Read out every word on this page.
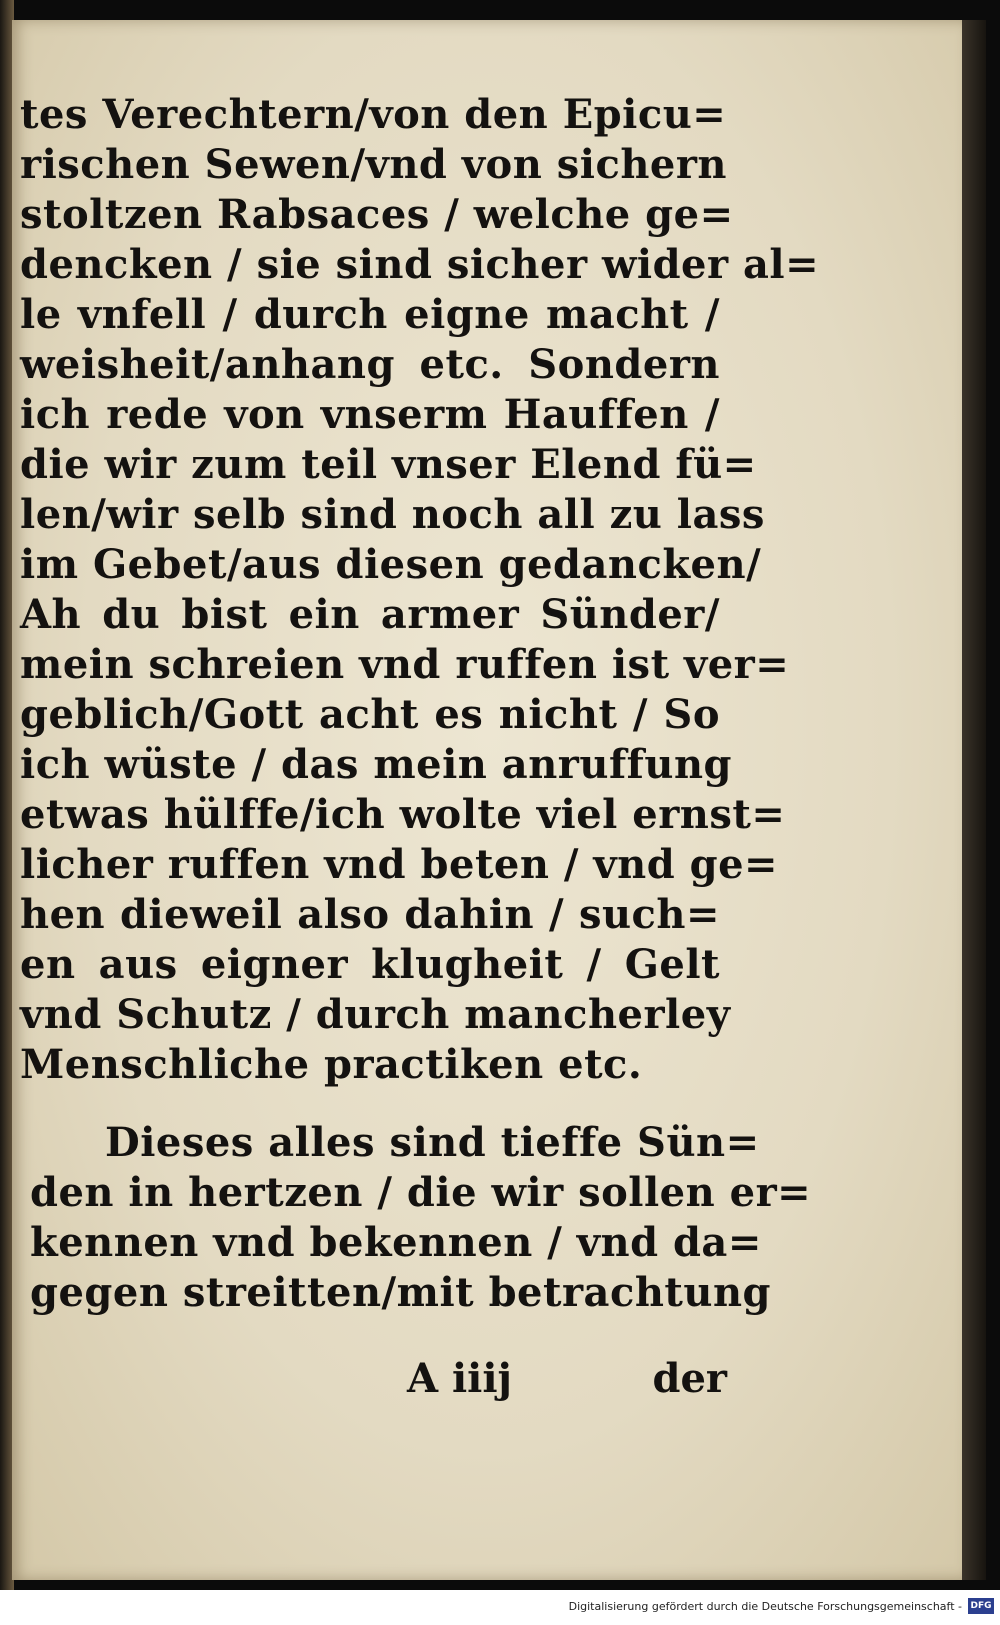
tes Verechtern/von den Epicu=
rischen Sewen/vnd von sichern
stoltzen Rabsaces / welche ge=
dencken / sie sind sicher wider al=
le vnfell / durch eigne macht /
weisheit/anhang etc. Sondern
ich rede von vnserm Hauffen /
die wir zum teil vnser Elend fü=
len/wir selb sind noch all zu lass
im Gebet/aus diesen gedancken/
Ah du bist ein armer Sünder/
mein schreien vnd ruffen ist ver=
geblich/Gott acht es nicht / So
ich wüste / das mein anruffung
etwas hülffe/ich wolte viel ernst=
licher ruffen vnd beten / vnd ge=
hen dieweil also dahin / such=
en aus eigner klugheit / Gelt
vnd Schutz / durch mancherley
Menschliche practiken etc.
Dieses alles sind tieffe Sün=
den in hertzen / die wir sollen er=
kennen vnd bekennen / vnd da=
gegen streitten/mit betrachtung
A iiij	der
Digitalisierung gefördert durch die Deutsche Forschungsgemeinschaft - DFG
